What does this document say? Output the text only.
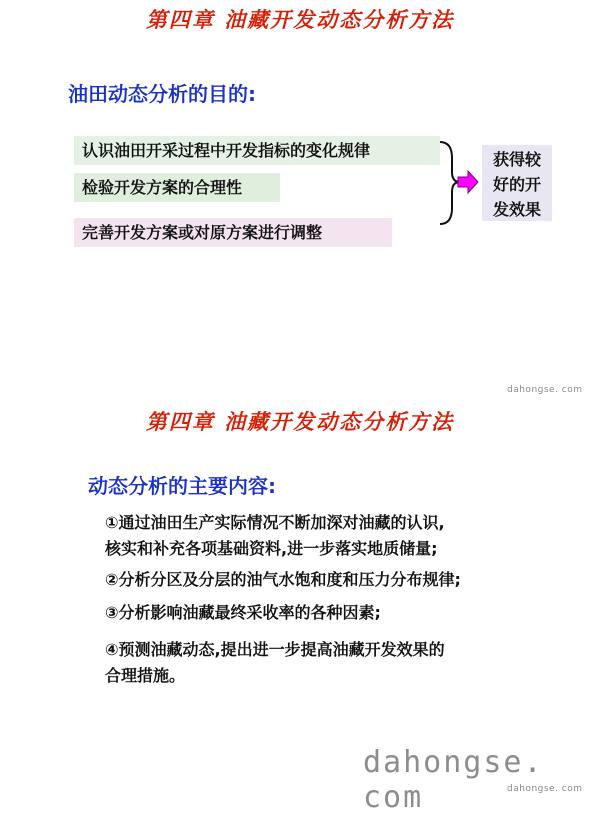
第四章 油藏开发动态分析方法
油田动态分析的目的:
认识油田开采过程中开发指标的变化规律
检验开发方案的合理性
完善开发方案或对原方案进行调整
获得较
好的开
发效果
dahongse. com
第四章 油藏开发动态分析方法
动态分析的主要内容:
①通过油田生产实际情况不断加深对油藏的认识,
核实和补充各项基础资料,进一步落实地质储量;
②分析分区及分层的油气水饱和度和压力分布规律;
③分析影响油藏最终采收率的各种因素;
④预测油藏动态,提出进一步提高油藏开发效果的
合理措施。
dahongse. com	dahongse. com
